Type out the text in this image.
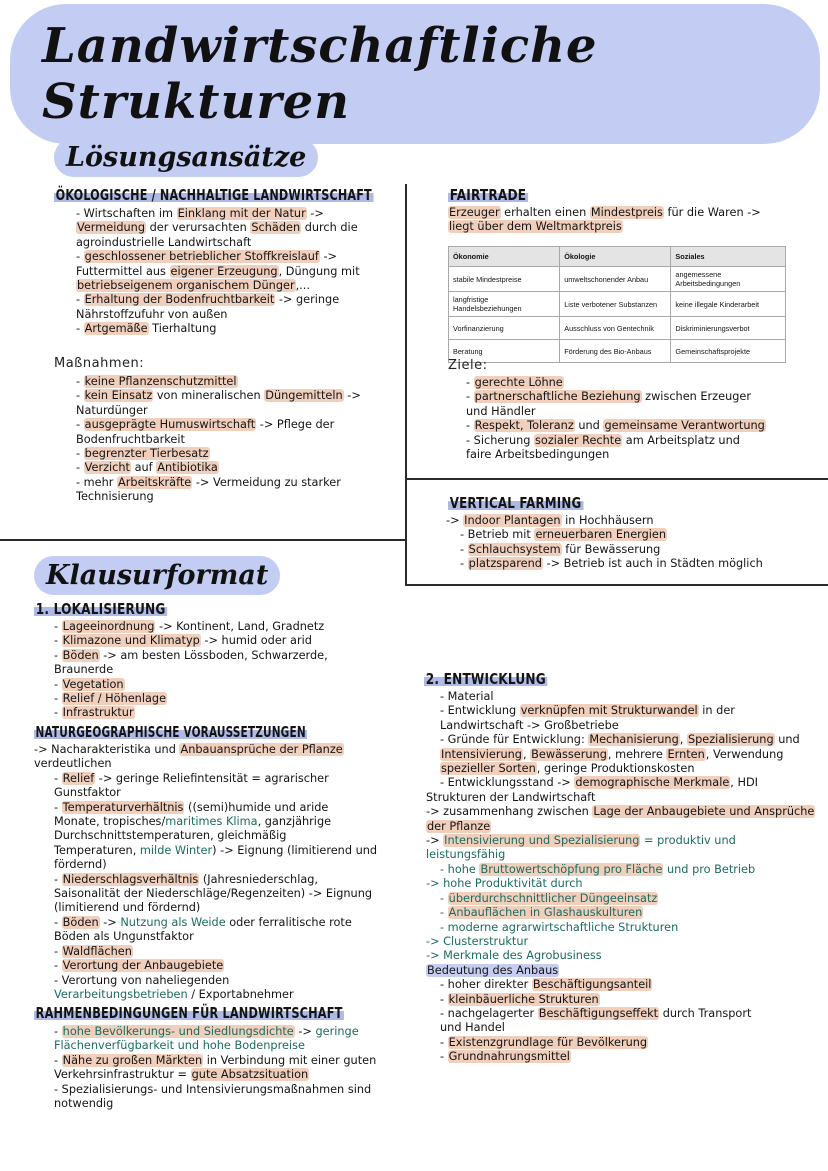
Landwirtschaftliche Strukturen
Lösungsansätze
ÖKOLOGISCHE / NACHHALTIGE LANDWIRTSCHAFT
- Wirtschaften im Einklang mit der Natur ->
Vermeidung der verursachten Schäden durch die
agroindustrielle Landwirtschaft
- geschlossener betrieblicher Stoffkreislauf ->
Futtermittel aus eigener Erzeugung, Düngung mit
betriebseigenem organischem Dünger,...
- Erhaltung der Bodenfruchtbarkeit -> geringe
Nährstoffzufuhr von außen
- Artgemäße Tierhaltung
Maßnahmen:
- keine Pflanzenschutzmittel
- kein Einsatz von mineralischen Düngemitteln ->
Naturdünger
- ausgeprägte Humuswirtschaft -> Pflege der
Bodenfruchtbarkeit
- begrenzter Tierbesatz
- Verzicht auf Antibiotika
- mehr Arbeitskräfte -> Vermeidung zu starker
Technisierung
FAIRTRADE
Erzeuger erhalten einen Mindestpreis für die Waren ->
liegt über dem Weltmarktpreis
Ökonomie	Ökologie	Soziales
stabile Mindestpreise	umweltschonender Anbau	angemessene Arbeitsbedingungen
langfristige Handelsbeziehungen	Liste verbotener Substanzen	keine illegale Kinderarbeit
Vorfinanzierung	Ausschluss von Gentechnik	Diskriminierungsverbot
Beratung	Förderung des Bio-Anbaus	Gemeinschaftsprojekte
Ziele:
- gerechte Löhne
- partnerschaftliche Beziehung zwischen Erzeuger
und Händler
- Respekt, Toleranz und gemeinsame Verantwortung
- Sicherung sozialer Rechte am Arbeitsplatz und
faire Arbeitsbedingungen
VERTICAL FARMING
-> Indoor Plantagen in Hochhäusern
- Betrieb mit erneuerbaren Energien
- Schlauchsystem für Bewässerung
- platzsparend -> Betrieb ist auch in Städten möglich
Klausurformat
1. LOKALISIERUNG
- Lageeinordnung -> Kontinent, Land, Gradnetz
- Klimazone und Klimatyp -> humid oder arid
- Böden -> am besten Lössboden, Schwarzerde,
Braunerde
- Vegetation
- Relief / Höhenlage
- Infrastruktur
NATURGEOGRAPHISCHE VORAUSSETZUNGEN
-> Nacharakteristika und Anbauansprüche der Pflanze
verdeutlichen
- Relief -> geringe Reliefintensität = agrarischer
Gunstfaktor
- Temperaturverhältnis ((semi)humide und aride
Monate, tropisches/maritimes Klima, ganzjährige
Durchschnittstemperaturen, gleichmäßig
Temperaturen, milde Winter) -> Eignung (limitierend und
fördernd)
- Niederschlagsverhältnis (Jahresniederschlag,
Saisonalität der Niederschläge/Regenzeiten) -> Eignung
(limitierend und fördernd)
- Böden -> Nutzung als Weide oder ferralitische rote
Böden als Ungunstfaktor
- Waldflächen
- Verortung der Anbaugebiete
- Verortung von naheliegenden
Verarbeitungsbetrieben / Exportabnehmer
RAHMENBEDINGUNGEN FÜR LANDWIRTSCHAFT
- hohe Bevölkerungs- und Siedlungsdichte -> geringe
Flächenverfügbarkeit und hohe Bodenpreise
- Nähe zu großen Märkten in Verbindung mit einer guten
Verkehrsinfrastruktur = gute Absatzsituation
- Spezialisierungs- und Intensivierungsmaßnahmen sind
notwendig
2. ENTWICKLUNG
- Material
- Entwicklung verknüpfen mit Strukturwandel in der
Landwirtschaft -> Großbetriebe
- Gründe für Entwicklung: Mechanisierung, Spezialisierung und
Intensivierung, Bewässerung, mehrere Ernten, Verwendung
spezieller Sorten, geringe Produktionskosten
- Entwicklungsstand -> demographische Merkmale, HDI
Strukturen der Landwirtschaft
-> zusammenhang zwischen Lage der Anbaugebiete und Ansprüche
der Pflanze
-> Intensivierung und Spezialisierung = produktiv und
leistungsfähig
- hohe Bruttowertschöpfung pro Fläche und pro Betrieb
-> hohe Produktivität durch
- überdurchschnittlicher Düngeeinsatz
- Anbauflächen in Glashauskulturen
- moderne agrarwirtschaftliche Strukturen
-> Clusterstruktur
-> Merkmale des Agrobusiness
Bedeutung des Anbaus
- hoher direkter Beschäftigungsanteil
- kleinbäuerliche Strukturen
- nachgelagerter Beschäftigungseffekt durch Transport
und Handel
- Existenzgrundlage für Bevölkerung
- Grundnahrungsmittel
